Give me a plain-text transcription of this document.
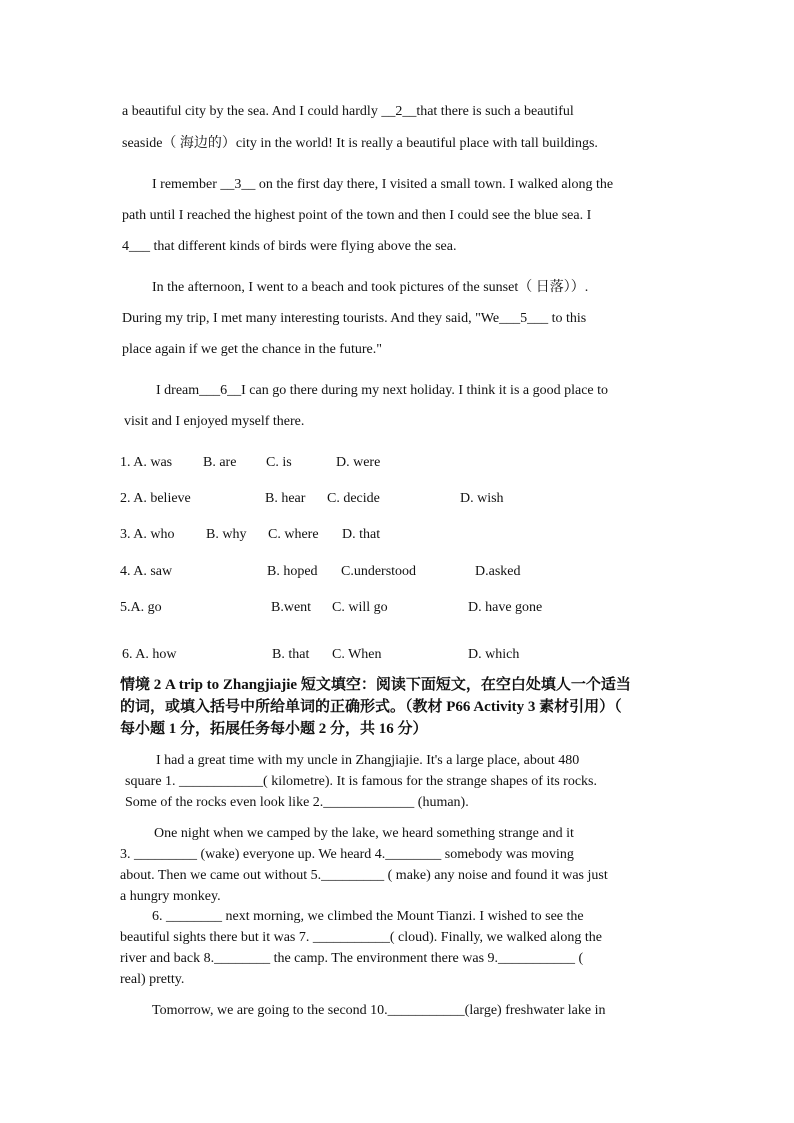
a beautiful city by the sea. And I could hardly __2__that there is such a beautiful
seaside（ 海边的）city in the world! It is really a beautiful place with tall buildings.
I remember __3__ on the first day there, I visited a small town. I walked along the
path until I reached the highest point of the town and then I could see the blue sea. I
4___ that different kinds of birds were flying above the sea.
In the afternoon, I went to a beach and took pictures of the sunset（ 日落））.
During my trip, I met many interesting tourists. And they said, "We___5___ to this
place again if we get the chance in the future."
I dream___6__I can go there during my next holiday. I think it is a good place to
visit and I enjoyed myself there.
1. A. was B. are C. is	D. were
2. A. believe	B. hear C. decide	D. wish
3. A. who B. why C. where D. that
4. A. saw	B. hoped C.understood	D.asked
5.A. go	B.went C. will go	D. have gone
6. A. how	B. that C. When	D. which
情境 2 A trip to Zhangjiajie 短文填空：阅读下面短文，在空白处填人一个适当
的词，或填入括号中所给单词的正确形式。（教材 P66 Activity 3 素材引用）（
每小题 1 分，拓展任务每小题 2 分，共 16 分）
I had a great time with my uncle in Zhangjiajie. It's a large place, about 480
square 1. ____________( kilometre). It is famous for the strange shapes of its rocks.
Some of the rocks even look like 2._____________ (human).
One night when we camped by the lake, we heard something strange and it
3. _________ (wake) everyone up. We heard 4.________ somebody was moving
about. Then we came out without 5._________ ( make) any noise and found it was just
a hungry monkey.
6. ________ next morning, we climbed the Mount Tianzi. I wished to see the
beautiful sights there but it was 7. ___________( cloud). Finally, we walked along the
river and back 8.________ the camp. The environment there was 9.___________ (
real) pretty.
Tomorrow, we are going to the second 10.___________(large) freshwater lake in
